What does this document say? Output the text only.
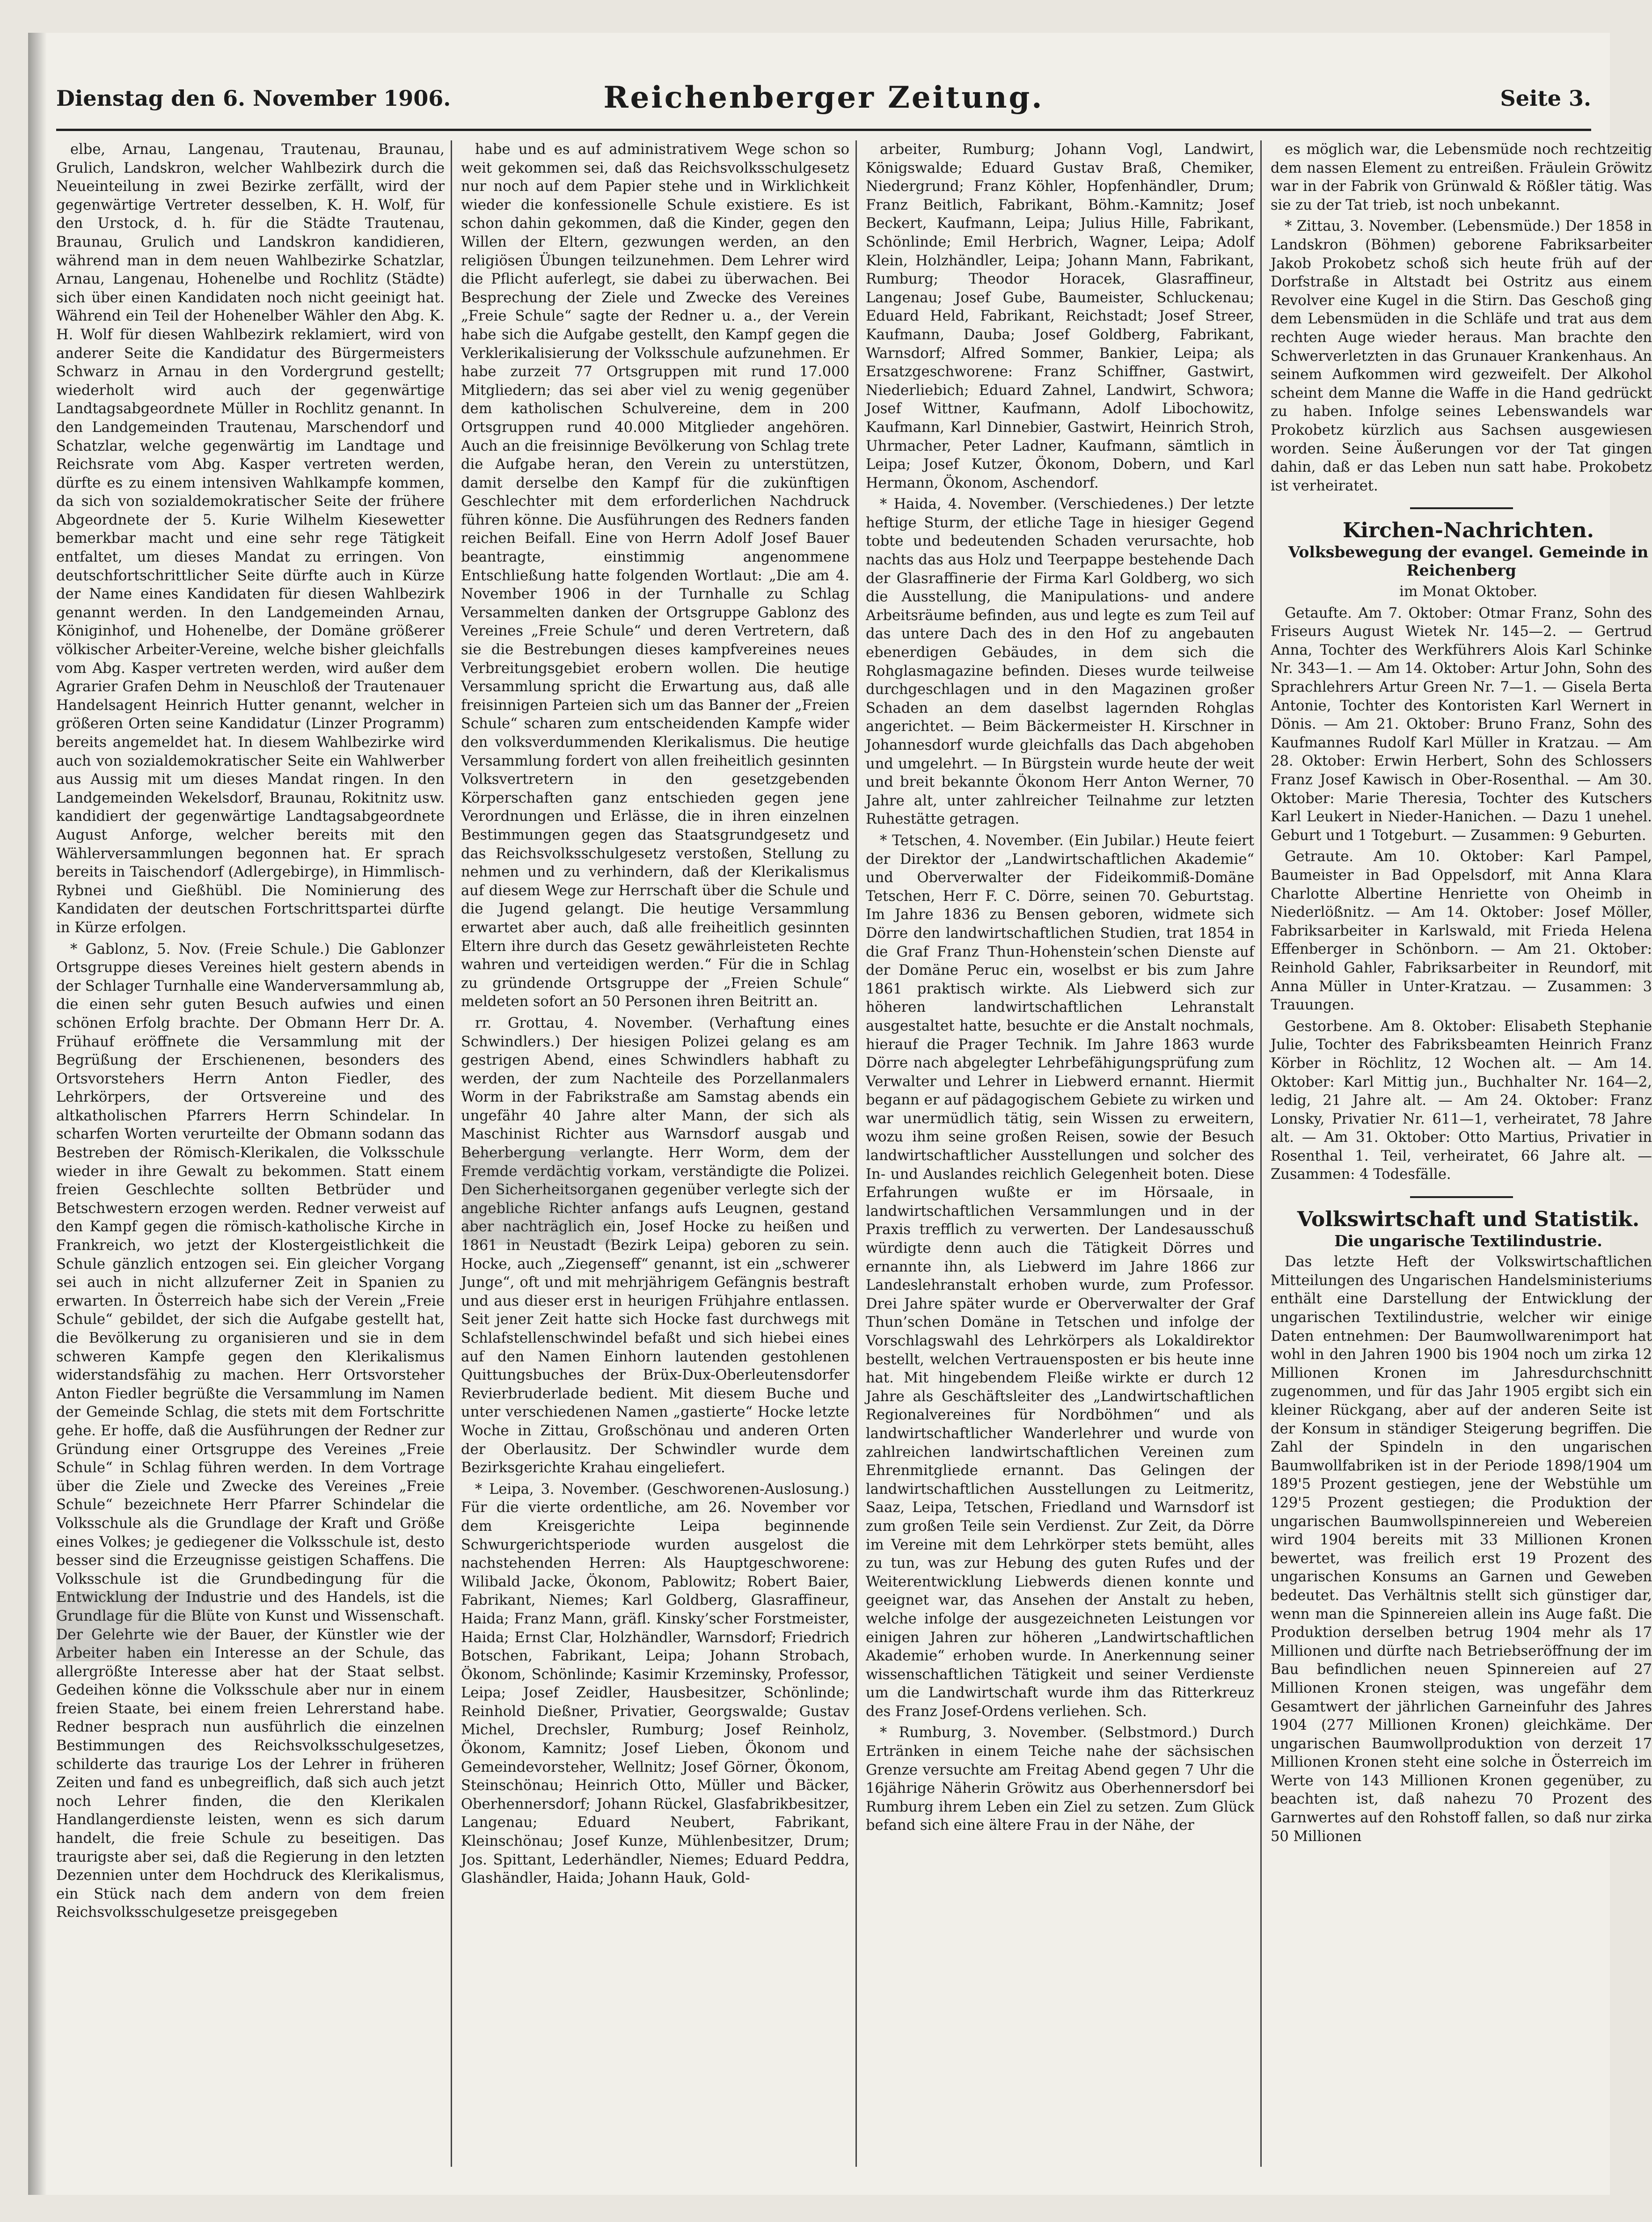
Dienstag den 6. November 1906.	Reichenberger Zeitung.	Seite 3.

elbe, Arnau, Langenau, Trautenau, Braunau, Grulich, Landskron, welcher Wahlbezirk durch die Neueinteilung in zwei Bezirke zerfällt, wird der gegenwärtige Vertreter desselben, K. H. Wolf, für den Urstock, d. h. für die Städte Trautenau, Braunau, Grulich und Landskron kandidieren, während man in dem neuen Wahlbezirke Schatzlar, Arnau, Langenau, Hohenelbe und Rochlitz (Städte) sich über einen Kandidaten noch nicht geeinigt hat. Während ein Teil der Hohenelber Wähler den Abg. K. H. Wolf für diesen Wahlbezirk reklamiert, wird von anderer Seite die Kandidatur des Bürgermeisters Schwarz in Arnau in den Vordergrund gestellt; wiederholt wird auch der gegenwärtige Landtagsabgeordnete Müller in Rochlitz genannt. In den Landgemeinden Trautenau, Marschendorf und Schatzlar, welche gegenwärtig im Landtage und Reichsrate vom Abg. Kasper vertreten werden, dürfte es zu einem intensiven Wahlkampfe kommen, da sich von sozialdemokratischer Seite der frühere Abgeordnete der 5. Kurie Wilhelm Kiesewetter bemerkbar macht und eine sehr rege Tätigkeit entfaltet, um dieses Mandat zu erringen. Von deutschfortschrittlicher Seite dürfte auch in Kürze der Name eines Kandidaten für diesen Wahlbezirk genannt werden. In den Landgemeinden Arnau, Königinhof, und Hohenelbe, der Domäne größerer völkischer Arbeiter-Vereine, welche bisher gleichfalls vom Abg. Kasper vertreten werden, wird außer dem Agrarier Grafen Dehm in Neuschloß der Trautenauer Handelsagent Heinrich Hutter genannt, welcher in größeren Orten seine Kandidatur (Linzer Programm) bereits angemeldet hat. In diesem Wahlbezirke wird auch von sozialdemokratischer Seite ein Wahlwerber aus Aussig mit um dieses Mandat ringen. In den Landgemeinden Wekelsdorf, Braunau, Rokitnitz usw. kandidiert der gegenwärtige Landtagsabgeordnete August Anforge, welcher bereits mit den Wählerversammlungen begonnen hat. Er sprach bereits in Taischendorf (Adlergebirge), in Himmlisch-Rybnei und Gießhübl. Die Nominierung des Kandidaten der deutschen Fortschrittspartei dürfte in Kürze erfolgen.

* Gablonz, 5. Nov. (Freie Schule.) Die Gablonzer Ortsgruppe dieses Vereines hielt gestern abends in der Schlager Turnhalle eine Wanderversammlung ab, die einen sehr guten Besuch aufwies und einen schönen Erfolg brachte. Der Obmann Herr Dr. A. Frühauf eröffnete die Versammlung mit der Begrüßung der Erschienenen, besonders des Ortsvorstehers Herrn Anton Fiedler, des Lehrkörpers, der Ortsvereine und des altkatholischen Pfarrers Herrn Schindelar. In scharfen Worten verurteilte der Obmann sodann das Bestreben der Römisch-Klerikalen, die Volksschule wieder in ihre Gewalt zu bekommen. Statt einem freien Geschlechte sollten Betbrüder und Betschwestern erzogen werden. Redner verweist auf den Kampf gegen die römisch-katholische Kirche in Frankreich, wo jetzt der Klostergeistlichkeit die Schule gänzlich entzogen sei. Ein gleicher Vorgang sei auch in nicht allzuferner Zeit in Spanien zu erwarten. In Österreich habe sich der Verein „Freie Schule“ gebildet, der sich die Aufgabe gestellt hat, die Bevölkerung zu organisieren und sie in dem schweren Kampfe gegen den Klerikalismus widerstandsfähig zu machen. Herr Ortsvorsteher Anton Fiedler begrüßte die Versammlung im Namen der Gemeinde Schlag, die stets mit dem Fortschritte gehe. Er hoffe, daß die Ausführungen der Redner zur Gründung einer Ortsgruppe des Vereines „Freie Schule“ in Schlag führen werden. In dem Vortrage über die Ziele und Zwecke des Vereines „Freie Schule“ bezeichnete Herr Pfarrer Schindelar die Volksschule als die Grundlage der Kraft und Größe eines Volkes; je gediegener die Volksschule ist, desto besser sind die Erzeugnisse geistigen Schaffens. Die Volksschule ist die Grundbedingung für die Entwicklung der Industrie und des Handels, ist die Grundlage für die Blüte von Kunst und Wissenschaft. Der Gelehrte wie der Bauer, der Künstler wie der Arbeiter haben ein Interesse an der Schule, das allergrößte Interesse aber hat der Staat selbst. Gedeihen könne die Volksschule aber nur in einem freien Staate, bei einem freien Lehrerstand habe. Redner besprach nun ausführlich die einzelnen Bestimmungen des Reichsvolksschulgesetzes, schilderte das traurige Los der Lehrer in früheren Zeiten und fand es unbegreiflich, daß sich auch jetzt noch Lehrer finden, die den Klerikalen Handlangerdienste leisten, wenn es sich darum handelt, die freie Schule zu beseitigen. Das traurigste aber sei, daß die Regierung in den letzten Dezennien unter dem Hochdruck des Klerikalismus, ein Stück nach dem andern von dem freien Reichsvolksschulgesetze preisgegeben

habe und es auf administrativem Wege schon so weit gekommen sei, daß das Reichsvolksschulgesetz nur noch auf dem Papier stehe und in Wirklichkeit wieder die konfessionelle Schule existiere. Es ist schon dahin gekommen, daß die Kinder, gegen den Willen der Eltern, gezwungen werden, an den religiösen Übungen teilzunehmen. Dem Lehrer wird die Pflicht auferlegt, sie dabei zu überwachen. Bei Besprechung der Ziele und Zwecke des Vereines „Freie Schule“ sagte der Redner u. a., der Verein habe sich die Aufgabe gestellt, den Kampf gegen die Verklerikalisierung der Volksschule aufzunehmen. Er habe zurzeit 77 Ortsgruppen mit rund 17.000 Mitgliedern; das sei aber viel zu wenig gegenüber dem katholischen Schulvereine, dem in 200 Ortsgruppen rund 40.000 Mitglieder angehören. Auch an die freisinnige Bevölkerung von Schlag trete die Aufgabe heran, den Verein zu unterstützen, damit derselbe den Kampf für die zukünftigen Geschlechter mit dem erforderlichen Nachdruck führen könne. Die Ausführungen des Redners fanden reichen Beifall. Eine von Herrn Adolf Josef Bauer beantragte, einstimmig angenommene Entschließung hatte folgenden Wortlaut: „Die am 4. November 1906 in der Turnhalle zu Schlag Versammelten danken der Ortsgruppe Gablonz des Vereines „Freie Schule“ und deren Vertretern, daß sie die Bestrebungen dieses kampfvereines neues Verbreitungsgebiet erobern wollen. Die heutige Versammlung spricht die Erwartung aus, daß alle freisinnigen Parteien sich um das Banner der „Freien Schule“ scharen zum entscheidenden Kampfe wider den volksverdummenden Klerikalismus. Die heutige Versammlung fordert von allen freiheitlich gesinnten Volksvertretern in den gesetzgebenden Körperschaften ganz entschieden gegen jene Verordnungen und Erlässe, die in ihren einzelnen Bestimmungen gegen das Staatsgrundgesetz und das Reichsvolksschulgesetz verstoßen, Stellung zu nehmen und zu verhindern, daß der Klerikalismus auf diesem Wege zur Herrschaft über die Schule und die Jugend gelangt. Die heutige Versammlung erwartet aber auch, daß alle freiheitlich gesinnten Eltern ihre durch das Gesetz gewährleisteten Rechte wahren und verteidigen werden.“ Für die in Schlag zu gründende Ortsgruppe der „Freien Schule“ meldeten sofort an 50 Personen ihren Beitritt an.

rr. Grottau, 4. November. (Verhaftung eines Schwindlers.) Der hiesigen Polizei gelang es am gestrigen Abend, eines Schwindlers habhaft zu werden, der zum Nachteile des Porzellanmalers Worm in der Fabrikstraße am Samstag abends ein ungefähr 40 Jahre alter Mann, der sich als Maschinist Richter aus Warnsdorf ausgab und Beherbergung verlangte. Herr Worm, dem der Fremde verdächtig vorkam, verständigte die Polizei. Den Sicherheitsorganen gegenüber verlegte sich der angebliche Richter anfangs aufs Leugnen, gestand aber nachträglich ein, Josef Hocke zu heißen und 1861 in Neustadt (Bezirk Leipa) geboren zu sein. Hocke, auch „Ziegenseff“ genannt, ist ein „schwerer Junge“, oft und mit mehrjährigem Gefängnis bestraft und aus dieser erst in heurigen Frühjahre entlassen. Seit jener Zeit hatte sich Hocke fast durchwegs mit Schlafstellenschwindel befaßt und sich hiebei eines auf den Namen Einhorn lautenden gestohlenen Quittungsbuches der Brüx-Dux-Oberleutensdorfer Revierbruderlade bedient. Mit diesem Buche und unter verschiedenen Namen „gastierte“ Hocke letzte Woche in Zittau, Großschönau und anderen Orten der Oberlausitz. Der Schwindler wurde dem Bezirksgerichte Krahau eingeliefert.

* Leipa, 3. November. (Geschworenen-Auslosung.) Für die vierte ordentliche, am 26. November vor dem Kreisgerichte Leipa beginnende Schwurgerichtsperiode wurden ausgelost die nachstehenden Herren: Als Hauptgeschworene: Wilibald Jacke, Ökonom, Pablowitz; Robert Baier, Fabrikant, Niemes; Karl Goldberg, Glasraffineur, Haida; Franz Mann, gräfl. Kinsky’scher Forstmeister, Haida; Ernst Clar, Holzhändler, Warnsdorf; Friedrich Botschen, Fabrikant, Leipa; Johann Strobach, Ökonom, Schönlinde; Kasimir Krzeminsky, Professor, Leipa; Josef Zeidler, Hausbesitzer, Schönlinde; Reinhold Dießner, Privatier, Georgswalde; Gustav Michel, Drechsler, Rumburg; Josef Reinholz, Ökonom, Kamnitz; Josef Lieben, Ökonom und Gemeindevorsteher, Wellnitz; Josef Görner, Ökonom, Steinschönau; Heinrich Otto, Müller und Bäcker, Oberhennersdorf; Johann Rückel, Glasfabrikbesitzer, Langenau; Eduard Neubert, Fabrikant, Kleinschönau; Josef Kunze, Mühlenbesitzer, Drum; Jos. Spittant, Lederhändler, Niemes; Eduard Peddra, Glashändler, Haida; Johann Hauk, Gold-

arbeiter, Rumburg; Johann Vogl, Landwirt, Königswalde; Eduard Gustav Braß, Chemiker, Niedergrund; Franz Köhler, Hopfenhändler, Drum; Franz Beitlich, Fabrikant, Böhm.-Kamnitz; Josef Beckert, Kaufmann, Leipa; Julius Hille, Fabrikant, Schönlinde; Emil Herbrich, Wagner, Leipa; Adolf Klein, Holzhändler, Leipa; Johann Mann, Fabrikant, Rumburg; Theodor Horacek, Glasraffineur, Langenau; Josef Gube, Baumeister, Schluckenau; Eduard Held, Fabrikant, Reichstadt; Josef Streer, Kaufmann, Dauba; Josef Goldberg, Fabrikant, Warnsdorf; Alfred Sommer, Bankier, Leipa; als Ersatzgeschworene: Franz Schiffner, Gastwirt, Niederliebich; Eduard Zahnel, Landwirt, Schwora; Josef Wittner, Kaufmann, Adolf Libochowitz, Kaufmann, Karl Dinnebier, Gastwirt, Heinrich Stroh, Uhrmacher, Peter Ladner, Kaufmann, sämtlich in Leipa; Josef Kutzer, Ökonom, Dobern, und Karl Hermann, Ökonom, Aschendorf.

* Haida, 4. November. (Verschiedenes.) Der letzte heftige Sturm, der etliche Tage in hiesiger Gegend tobte und bedeutenden Schaden verursachte, hob nachts das aus Holz und Teerpappe bestehende Dach der Glasraffinerie der Firma Karl Goldberg, wo sich die Ausstellung, die Manipulations- und andere Arbeitsräume befinden, aus und legte es zum Teil auf das untere Dach des in den Hof zu angebauten ebenerdigen Gebäudes, in dem sich die Rohglasmagazine befinden. Dieses wurde teilweise durchgeschlagen und in den Magazinen großer Schaden an dem daselbst lagernden Rohglas angerichtet. — Beim Bäckermeister H. Kirschner in Johannesdorf wurde gleichfalls das Dach abgehoben und umgelehrt. — In Bürgstein wurde heute der weit und breit bekannte Ökonom Herr Anton Werner, 70 Jahre alt, unter zahlreicher Teilnahme zur letzten Ruhestätte getragen.

* Tetschen, 4. November. (Ein Jubilar.) Heute feiert der Direktor der „Landwirtschaftlichen Akademie“ und Oberverwalter der Fideikommiß-Domäne Tetschen, Herr F. C. Dörre, seinen 70. Geburtstag. Im Jahre 1836 zu Bensen geboren, widmete sich Dörre den landwirtschaftlichen Studien, trat 1854 in die Graf Franz Thun-Hohenstein’schen Dienste auf der Domäne Peruc ein, woselbst er bis zum Jahre 1861 praktisch wirkte. Als Liebwerd sich zur höheren landwirtschaftlichen Lehranstalt ausgestaltet hatte, besuchte er die Anstalt nochmals, hierauf die Prager Technik. Im Jahre 1863 wurde Dörre nach abgelegter Lehrbefähigungsprüfung zum Verwalter und Lehrer in Liebwerd ernannt. Hiermit begann er auf pädagogischem Gebiete zu wirken und war unermüdlich tätig, sein Wissen zu erweitern, wozu ihm seine großen Reisen, sowie der Besuch landwirtschaftlicher Ausstellungen und solcher des In- und Auslandes reichlich Gelegenheit boten. Diese Erfahrungen wußte er im Hörsaale, in landwirtschaftlichen Versammlungen und in der Praxis trefflich zu verwerten. Der Landesausschuß würdigte denn auch die Tätigkeit Dörres und ernannte ihn, als Liebwerd im Jahre 1866 zur Landeslehranstalt erhoben wurde, zum Professor. Drei Jahre später wurde er Oberverwalter der Graf Thun’schen Domäne in Tetschen und infolge der Vorschlagswahl des Lehrkörpers als Lokaldirektor bestellt, welchen Vertrauensposten er bis heute inne hat. Mit hingebendem Fleiße wirkte er durch 12 Jahre als Geschäftsleiter des „Landwirtschaftlichen Regionalvereines für Nordböhmen“ und als landwirtschaftlicher Wanderlehrer und wurde von zahlreichen landwirtschaftlichen Vereinen zum Ehrenmitgliede ernannt. Das Gelingen der landwirtschaftlichen Ausstellungen zu Leitmeritz, Saaz, Leipa, Tetschen, Friedland und Warnsdorf ist zum großen Teile sein Verdienst. Zur Zeit, da Dörre im Vereine mit dem Lehrkörper stets bemüht, alles zu tun, was zur Hebung des guten Rufes und der Weiterentwicklung Liebwerds dienen konnte und geeignet war, das Ansehen der Anstalt zu heben, welche infolge der ausgezeichneten Leistungen vor einigen Jahren zur höheren „Landwirtschaftlichen Akademie“ erhoben wurde. In Anerkennung seiner wissenschaftlichen Tätigkeit und seiner Verdienste um die Landwirtschaft wurde ihm das Ritterkreuz des Franz Josef-Ordens verliehen. Sch.

* Rumburg, 3. November. (Selbstmord.) Durch Ertränken in einem Teiche nahe der sächsischen Grenze versuchte am Freitag Abend gegen 7 Uhr die 16jährige Näherin Gröwitz aus Oberhennersdorf bei Rumburg ihrem Leben ein Ziel zu setzen. Zum Glück befand sich eine ältere Frau in der Nähe, der

es möglich war, die Lebensmüde noch rechtzeitig dem nassen Element zu entreißen. Fräulein Gröwitz war in der Fabrik von Grünwald & Rößler tätig. Was sie zu der Tat trieb, ist noch unbekannt.

* Zittau, 3. November. (Lebensmüde.) Der 1858 in Landskron (Böhmen) geborene Fabriksarbeiter Jakob Prokobetz schoß sich heute früh auf der Dorfstraße in Altstadt bei Ostritz aus einem Revolver eine Kugel in die Stirn. Das Geschoß ging dem Lebensmüden in die Schläfe und trat aus dem rechten Auge wieder heraus. Man brachte den Schwerverletzten in das Grunauer Krankenhaus. An seinem Aufkommen wird gezweifelt. Der Alkohol scheint dem Manne die Waffe in die Hand gedrückt zu haben. Infolge seines Lebenswandels war Prokobetz kürzlich aus Sachsen ausgewiesen worden. Seine Äußerungen vor der Tat gingen dahin, daß er das Leben nun satt habe. Prokobetz ist verheiratet.

Kirchen-Nachrichten.

Volksbewegung der evangel. Gemeinde in Reichenberg

im Monat Oktober.

Getaufte. Am 7. Oktober: Otmar Franz, Sohn des Friseurs August Wietek Nr. 145—2. — Gertrud Anna, Tochter des Werkführers Alois Karl Schinke Nr. 343—1. — Am 14. Oktober: Artur John, Sohn des Sprachlehrers Artur Green Nr. 7—1. — Gisela Berta Antonie, Tochter des Kontoristen Karl Wernert in Dönis. — Am 21. Oktober: Bruno Franz, Sohn des Kaufmannes Rudolf Karl Müller in Kratzau. — Am 28. Oktober: Erwin Herbert, Sohn des Schlossers Franz Josef Kawisch in Ober-Rosenthal. — Am 30. Oktober: Marie Theresia, Tochter des Kutschers Karl Leukert in Nieder-Hanichen. — Dazu 1 unehel. Geburt und 1 Totgeburt. — Zusammen: 9 Geburten.

Getraute. Am 10. Oktober: Karl Pampel, Baumeister in Bad Oppelsdorf, mit Anna Klara Charlotte Albertine Henriette von Oheimb in Niederlößnitz. — Am 14. Oktober: Josef Möller, Fabriksarbeiter in Karlswald, mit Frieda Helena Effenberger in Schönborn. — Am 21. Oktober: Reinhold Gahler, Fabriksarbeiter in Reundorf, mit Anna Müller in Unter-Kratzau. — Zusammen: 3 Trauungen.

Gestorbene. Am 8. Oktober: Elisabeth Stephanie Julie, Tochter des Fabriksbeamten Heinrich Franz Körber in Röchlitz, 12 Wochen alt. — Am 14. Oktober: Karl Mittig jun., Buchhalter Nr. 164—2, ledig, 21 Jahre alt. — Am 24. Oktober: Franz Lonsky, Privatier Nr. 611—1, verheiratet, 78 Jahre alt. — Am 31. Oktober: Otto Martius, Privatier in Rosenthal 1. Teil, verheiratet, 66 Jahre alt. — Zusammen: 4 Todesfälle.

Volkswirtschaft und Statistik.

Die ungarische Textilindustrie.

Das letzte Heft der Volkswirtschaftlichen Mitteilungen des Ungarischen Handelsministeriums enthält eine Darstellung der Entwicklung der ungarischen Textilindustrie, welcher wir einige Daten entnehmen: Der Baumwollwarenimport hat wohl in den Jahren 1900 bis 1904 noch um zirka 12 Millionen Kronen im Jahresdurchschnitt zugenommen, und für das Jahr 1905 ergibt sich ein kleiner Rückgang, aber auf der anderen Seite ist der Konsum in ständiger Steigerung begriffen. Die Zahl der Spindeln in den ungarischen Baumwollfabriken ist in der Periode 1898/1904 um 189'5 Prozent gestiegen, jene der Webstühle um 129'5 Prozent gestiegen; die Produktion der ungarischen Baumwollspinnereien und Webereien wird 1904 bereits mit 33 Millionen Kronen bewertet, was freilich erst 19 Prozent des ungarischen Konsums an Garnen und Geweben bedeutet. Das Verhältnis stellt sich günstiger dar, wenn man die Spinnereien allein ins Auge faßt. Die Produktion derselben betrug 1904 mehr als 17 Millionen und dürfte nach Betriebseröffnung der im Bau befindlichen neuen Spinnereien auf 27 Millionen Kronen steigen, was ungefähr dem Gesamtwert der jährlichen Garneinfuhr des Jahres 1904 (277 Millionen Kronen) gleichkäme. Der ungarischen Baumwollproduktion von derzeit 17 Millionen Kronen steht eine solche in Österreich im Werte von 143 Millionen Kronen gegenüber, zu beachten ist, daß nahezu 70 Prozent des Garnwertes auf den Rohstoff fallen, so daß nur zirka 50 Millionen
